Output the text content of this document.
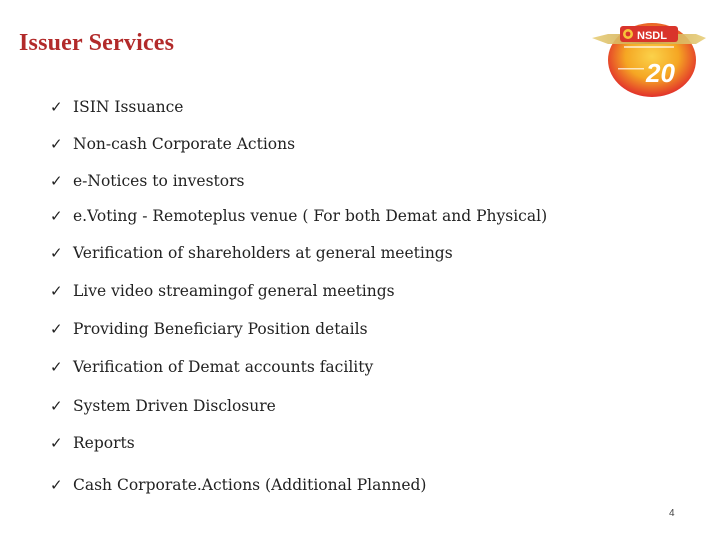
Issuer Services	NSDL
20
✓ ISIN Issuance
✓ Non-cash Corporate Actions
✓ e-Notices to investors
✓ e.Voting - Remoteplus venue ( For both Demat and Physical)
✓ Verification of shareholders at general meetings
✓ Live video streamingof general meetings
✓ Providing Beneficiary Position details
✓ Verification of Demat accounts facility
✓ System Driven Disclosure
✓ Reports
✓ Cash Corporate.Actions (Additional Planned)
4
